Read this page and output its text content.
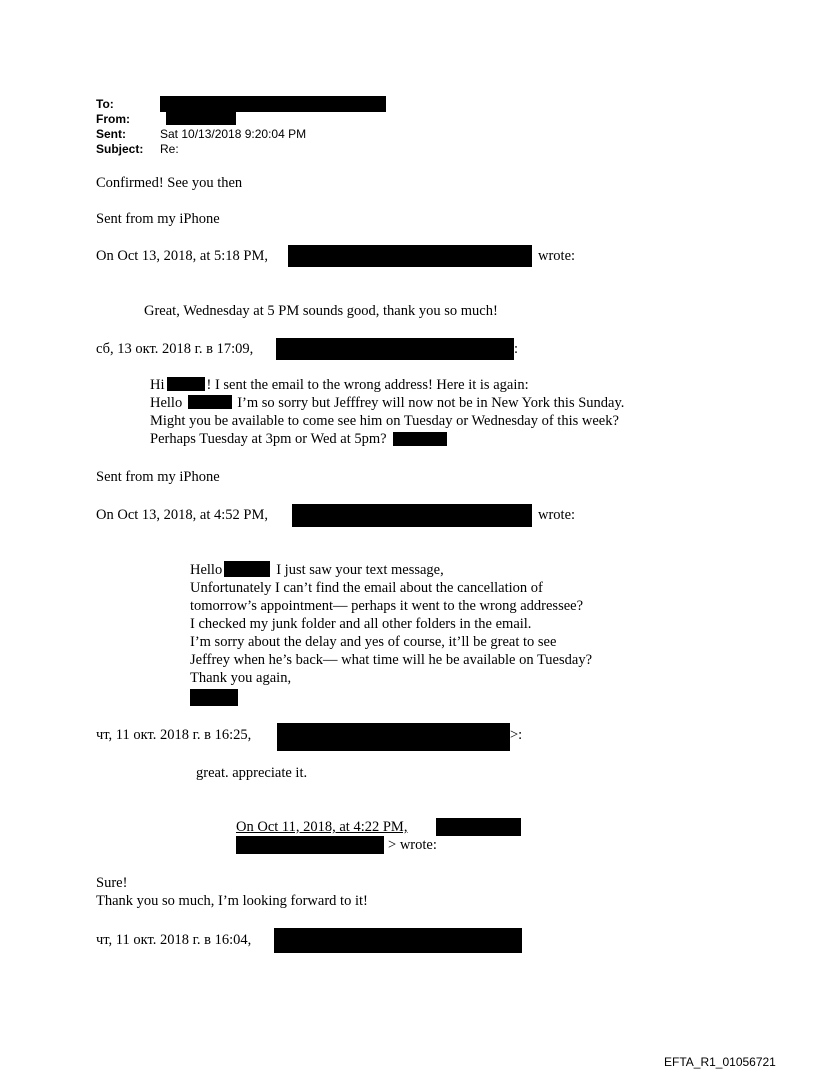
To:
From:
Sent:	Sat 10/13/2018 9:20:04 PM
Subject: Re:
Confirmed! See you then
Sent from my iPhone
On Oct 13, 2018, at 5:18 PM,	wrote:
Great, Wednesday at 5 PM sounds good, thank you so much!
сб, 13 окт. 2018 г. в 17:09,	:
Hi	! I sent the email to the wrong address! Here it is again:
Hello	I’m so sorry but Jefffrey will now not be in New York this Sunday.
Might you be available to come see him on Tuesday or Wednesday of this week?
Perhaps Tuesday at 3pm or Wed at 5pm?
Sent from my iPhone
On Oct 13, 2018, at 4:52 PM,	wrote:
Hello	I just saw your text message,
Unfortunately I can’t find the email about the cancellation of
tomorrow’s appointment— perhaps it went to the wrong addressee?
I checked my junk folder and all other folders in the email.
I’m sorry about the delay and yes of course, it’ll be great to see
Jeffrey when he’s back— what time will he be available on Tuesday?
Thank you again,
чт, 11 окт. 2018 г. в 16:25,	>:
great. appreciate it.
On Oct 11, 2018, at 4:22 PM,
> wrote:
Sure!
Thank you so much, I’m looking forward to it!
чт, 11 окт. 2018 г. в 16:04,
EFTA_R1_01056721
